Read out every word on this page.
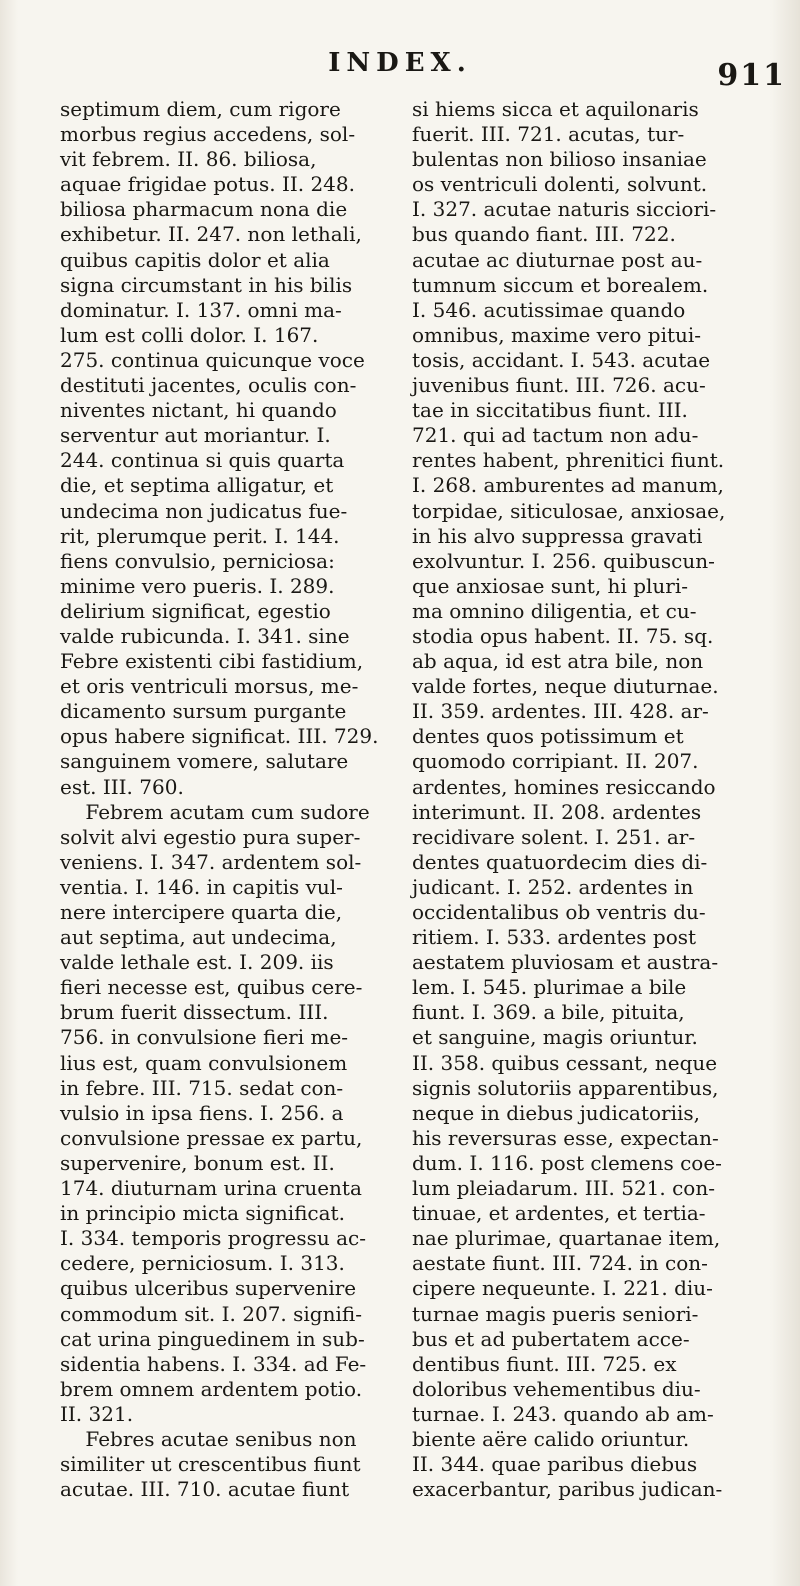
INDEX.	911
septimum diem, cum rigore
morbus regius accedens, sol-
vit febrem. II. 86. biliosa,
aquae frigidae potus. II. 248.
biliosa pharmacum nona die
exhibetur. II. 247. non lethali,
quibus capitis dolor et alia
signa circumstant in his bilis
dominatur. I. 137. omni ma-
lum est colli dolor. I. 167.
275. continua quicunque voce
destituti jacentes, oculis con-
niventes nictant, hi quando
serventur aut moriantur. I.
244. continua si quis quarta
die, et septima alligatur, et
undecima non judicatus fue-
rit, plerumque perit. I. 144.
fiens convulsio, perniciosa:
minime vero pueris. I. 289.
delirium significat, egestio
valde rubicunda. I. 341. sine
Febre existenti cibi fastidium,
et oris ventriculi morsus, me-
dicamento sursum purgante
opus habere significat. III. 729.
sanguinem vomere, salutare
est. III. 760.
Febrem acutam cum sudore
solvit alvi egestio pura super-
veniens. I. 347. ardentem sol-
ventia. I. 146. in capitis vul-
nere intercipere quarta die,
aut septima, aut undecima,
valde lethale est. I. 209. iis
fieri necesse est, quibus cere-
brum fuerit dissectum. III.
756. in convulsione fieri me-
lius est, quam convulsionem
in febre. III. 715. sedat con-
vulsio in ipsa fiens. I. 256. a
convulsione pressae ex partu,
supervenire, bonum est. II.
174. diuturnam urina cruenta
in principio micta significat.
I. 334. temporis progressu ac-
cedere, perniciosum. I. 313.
quibus ulceribus supervenire
commodum sit. I. 207. signifi-
cat urina pinguedinem in sub-
sidentia habens. I. 334. ad Fe-
brem omnem ardentem potio.
II. 321.
Febres acutae senibus non
similiter ut crescentibus fiunt
acutae. III. 710. acutae fiunt
si hiems sicca et aquilonaris
fuerit. III. 721. acutas, tur-
bulentas non bilioso insaniae
os ventriculi dolenti, solvunt.
I. 327. acutae naturis sicciori-
bus quando fiant. III. 722.
acutae ac diuturnae post au-
tumnum siccum et borealem.
I. 546. acutissimae quando
omnibus, maxime vero pitui-
tosis, accidant. I. 543. acutae
juvenibus fiunt. III. 726. acu-
tae in siccitatibus fiunt. III.
721. qui ad tactum non adu-
rentes habent, phrenitici fiunt.
I. 268. amburentes ad manum,
torpidae, siticulosae, anxiosae,
in his alvo suppressa gravati
exolvuntur. I. 256. quibuscun-
que anxiosae sunt, hi pluri-
ma omnino diligentia, et cu-
stodia opus habent. II. 75. sq.
ab aqua, id est atra bile, non
valde fortes, neque diuturnae.
II. 359. ardentes. III. 428. ar-
dentes quos potissimum et
quomodo corripiant. II. 207.
ardentes, homines resiccando
interimunt. II. 208. ardentes
recidivare solent. I. 251. ar-
dentes quatuordecim dies di-
judicant. I. 252. ardentes in
occidentalibus ob ventris du-
ritiem. I. 533. ardentes post
aestatem pluviosam et austra-
lem. I. 545. plurimae a bile
fiunt. I. 369. a bile, pituita,
et sanguine, magis oriuntur.
II. 358. quibus cessant, neque
signis solutoriis apparentibus,
neque in diebus judicatoriis,
his reversuras esse, expectan-
dum. I. 116. post clemens coe-
lum pleiadarum. III. 521. con-
tinuae, et ardentes, et tertia-
nae plurimae, quartanae item,
aestate fiunt. III. 724. in con-
cipere nequeunte. I. 221. diu-
turnae magis pueris seniori-
bus et ad pubertatem acce-
dentibus fiunt. III. 725. ex
doloribus vehementibus diu-
turnae. I. 243. quando ab am-
biente aëre calido oriuntur.
II. 344. quae paribus diebus
exacerbantur, paribus judican-
